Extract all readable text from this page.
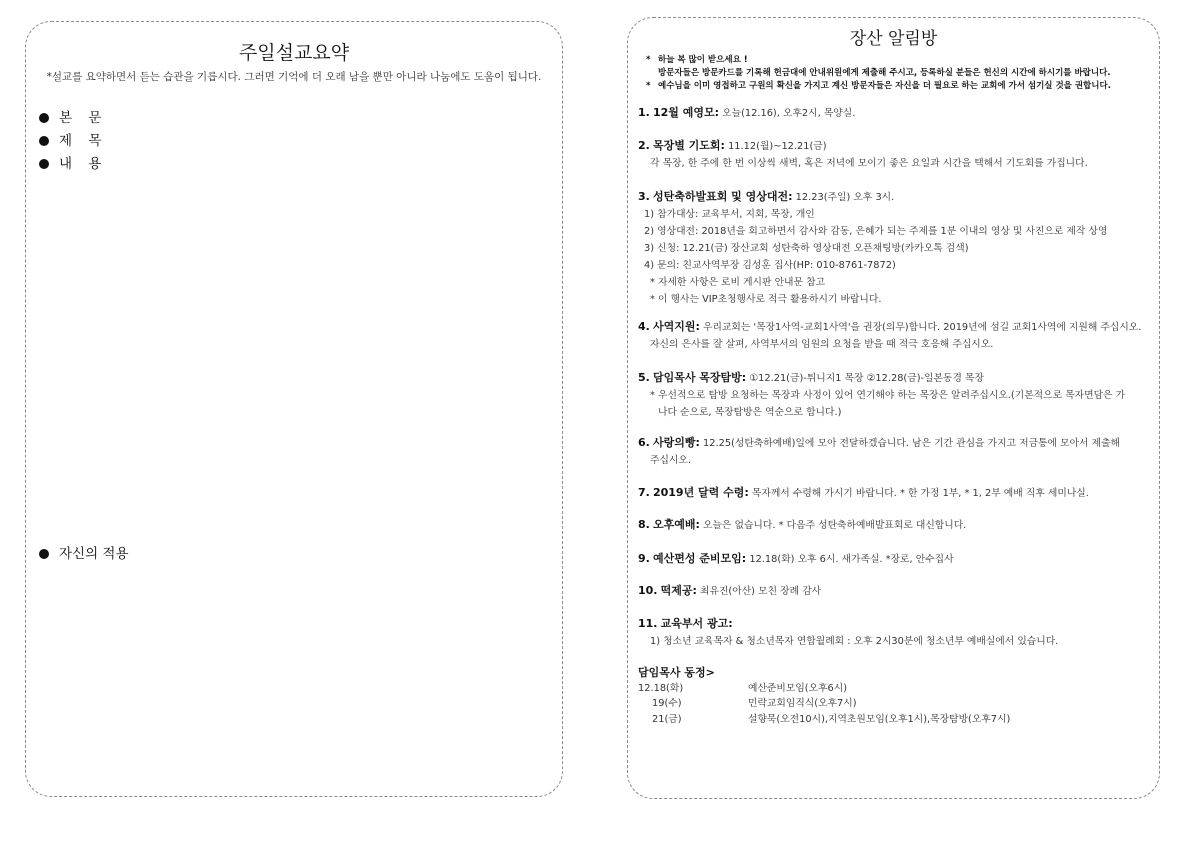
주일설교요약
*설교를 요약하면서 듣는 습관을 기릅시다. 그러면 기억에 더 오래 남을 뿐만 아니라 나눔에도 도움이 됩니다.
본 문
제 목
내 용
자신의 적용
장산 알림방
* 하늘 복 많이 받으세요 !
방문자들은 방문카드를 기록해 헌금대에 안내위원에게 제출해 주시고, 등록하실 분들은 헌신의 시간에 하시기를 바랍니다.
* 예수님을 이미 영접하고 구원의 확신을 가지고 계신 방문자들은 자신을 더 필요로 하는 교회에 가서 섬기실 것을 권합니다.
1. 12월 예영모: 오늘(12.16), 오후2시, 목양실.
2. 목장별 기도회: 11.12(월)~12.21(금)
각 목장, 한 주에 한 번 이상씩 새벽, 혹은 저녁에 모이기 좋은 요일과 시간을 택해서 기도회를 가집니다.
3. 성탄축하발표회 및 영상대전: 12.23(주일) 오후 3시.
1) 참가대상: 교육부서, 지회, 목장, 개인
2) 영상대전: 2018년을 회고하면서 감사와 감동, 은혜가 되는 주제를 1분 이내의 영상 및 사진으로 제작 상영
3) 신청: 12.21(금) 장산교회 성탄축하 영상대전 오픈채팅방(카카오톡 검색)
4) 문의: 친교사역부장 김성훈 집사(HP: 010-8761-7872)
* 자세한 사항은 로비 게시판 안내문 참고
* 이 행사는 VIP초청행사로 적극 활용하시기 바랍니다.
4. 사역지원: 우리교회는 '목장1사역-교회1사역'을 권장(의무)합니다. 2019년에 섬길 교회1사역에 지원해 주십시오.
자신의 은사를 잘 살펴, 사역부서의 임원의 요청을 받을 때 적극 호응해 주십시오.
5. 담임목사 목장탐방: ①12.21(금)-튀니지1 목장 ②12.28(금)-일본동경 목장
* 우선적으로 탐방 요청하는 목장과 사정이 있어 연기해야 하는 목장은 알려주십시오.(기본적으로 목자면담은 가
나다 순으로, 목장탐방은 역순으로 합니다.)
6. 사랑의빵: 12.25(성탄축하예배)일에 모아 전달하겠습니다. 남은 기간 관심을 가지고 저금통에 모아서 제출해
주십시오.
7. 2019년 달력 수령: 목자께서 수령해 가시기 바랍니다. * 한 가정 1부, * 1, 2부 예배 직후 세미나실.
8. 오후예배: 오늘은 없습니다. * 다음주 성탄축하예배발표회로 대신합니다.
9. 예산편성 준비모임: 12.18(화) 오후 6시. 새가족실. *장로, 안수집사
10. 떡제공: 최유진(아산) 모친 장례 감사
11. 교육부서 광고:
1) 청소년 교육목자 & 청소년목자 연합월례회 : 오후 2시30분에 청소년부 예배실에서 있습니다.
담임목사 동정>
12.18(화)	예산준비모임(오후6시)
19(수)	민락교회임직식(오후7시)
21(금)	설향묵(오전10시),지역초원모임(오후1시),목장탐방(오후7시)
